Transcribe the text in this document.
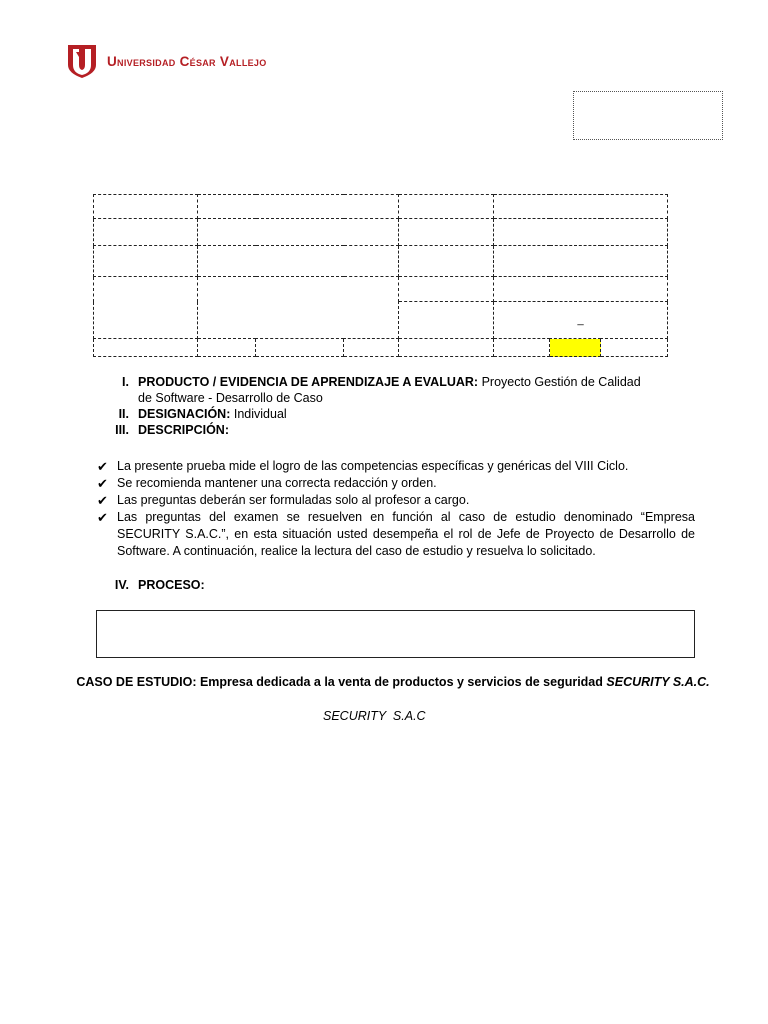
Universidad César Vallejo

					_		

I. PRODUCTO / EVIDENCIA DE APRENDIZAJE A EVALUAR: Proyecto Gestión de Calidad de Software - Desarrollo de Caso
II. DESIGNACIÓN: Individual
III. DESCRIPCIÓN:
✔ La presente prueba mide el logro de las competencias específicas y genéricas del VIII Ciclo.
✔ Se recomienda mantener una correcta redacción y orden.
✔ Las preguntas deberán ser formuladas solo al profesor a cargo.
✔ Las preguntas del examen se resuelven en función al caso de estudio denominado “Empresa SECURITY S.A.C.”, en esta situación usted desempeña el rol de Jefe de Proyecto de Desarrollo de Software. A continuación, realice la lectura del caso de estudio y resuelva lo solicitado.
IV. PROCESO:
CASO DE ESTUDIO: Empresa dedicada a la venta de productos y servicios de seguridad SECURITY S.A.C.
SECURITY  S.A.C
